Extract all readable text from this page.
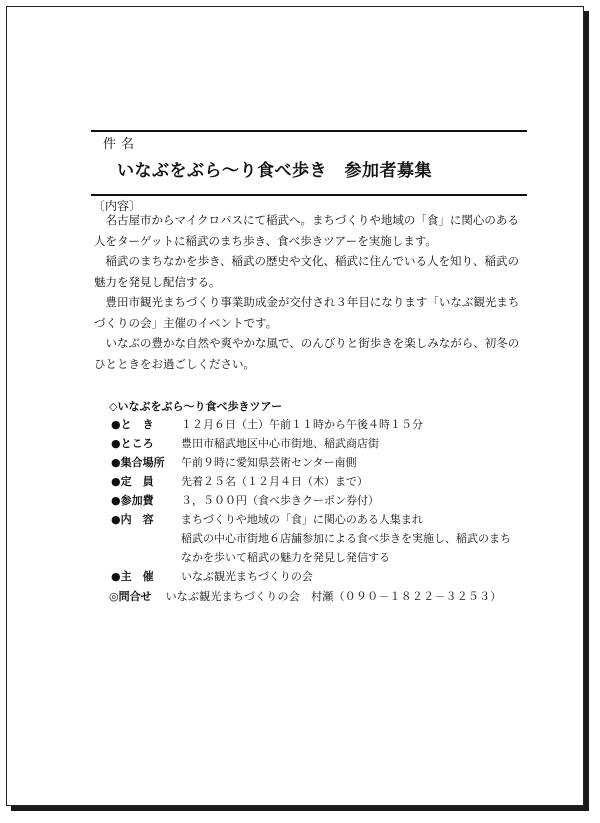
件名
いなぶをぶら〜り食べ歩き　参加者募集
〔内容〕
　名古屋市からマイクロバスにて稲武へ。まちづくりや地域の「食」に関心のある
人をターゲットに稲武のまち歩き、食べ歩きツアーを実施します。
　稲武のまちなかを歩き、稲武の歴史や文化、稲武に住んでいる人を知り、稲武の
魅力を発見し配信する。
　豊田市観光まちづくり事業助成金が交付され３年目になります「いなぶ観光まち
づくりの会」主催のイベントです。
　いなぶの豊かな自然や爽やかな風で、のんびりと街歩きを楽しみながら、初冬の
ひとときをお過ごしください。
◇いなぶをぶら〜り食べ歩きツアー
●と　き １２月６日（土）午前１１時から午後４時１５分
●ところ 豊田市稲武地区中心市街地、稲武商店街
●集合場所 午前９時に愛知県芸術センター南側
●定　員 先着２５名（１２月４日（木）まで）
●参加費 ３，５００円（食べ歩きクーポン券付）
●内　容 まちづくりや地域の「食」に関心のある人集まれ
稲武の中心市街地６店舗参加による食べ歩きを実施し、稲武のまち
なかを歩いて稲武の魅力を発見し発信する
●主　催 いなぶ観光まちづくりの会
◎問合せ いなぶ観光まちづくりの会　村瀬（０９０－１８２２－３２５３）
